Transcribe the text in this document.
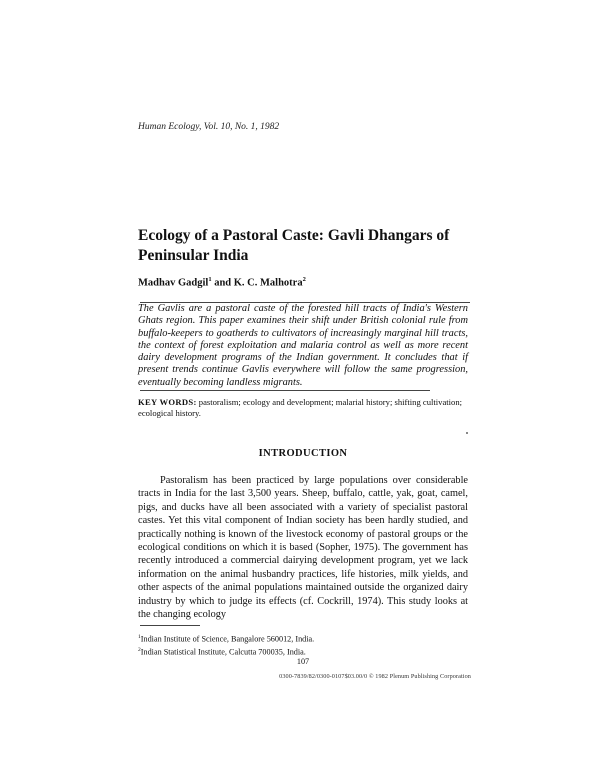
Human Ecology, Vol. 10, No. 1, 1982
Ecology of a Pastoral Caste: Gavli Dhangars of Peninsular India
Madhav Gadgil$^1$ and K. C. Malhotra$^2$
The Gavlis are a pastoral caste of the forested hill tracts of India's Western Ghats region. This paper examines their shift under British colonial rule from buffalo-keepers to goatherds to cultivators of increasingly marginal hill tracts, the context of forest exploitation and malaria control as well as more recent dairy development programs of the Indian government. It concludes that if present trends continue Gavlis everywhere will follow the same progression, eventually becoming landless migrants.
KEY WORDS: pastoralism; ecology and development; malarial history; shifting cultivation; ecological history.
INTRODUCTION

Pastoralism has been practiced by large populations over considerable tracts in India for the last 3,500 years. Sheep, buffalo, cattle, yak, goat, camel, pigs, and ducks have all been associated with a variety of specialist pastoral castes. Yet this vital component of Indian society has been hardly studied, and practically nothing is known of the livestock economy of pastoral groups or the ecological conditions on which it is based (Sopher, 1975). The government has recently introduced a commercial dairying development program, yet we lack information on the animal husbandry practices, life histories, milk yields, and other aspects of the animal populations maintained outside the organized dairy industry by which to judge its effects (cf. Cockrill, 1974). This study looks at the changing ecology

$^1$Indian Institute of Science, Bangalore 560012, India.
$^2$Indian Statistical Institute, Calcutta 700035, India.
107
0300-7839/82/0300-0107$03.00/0 © 1982 Plenum Publishing Corporation
